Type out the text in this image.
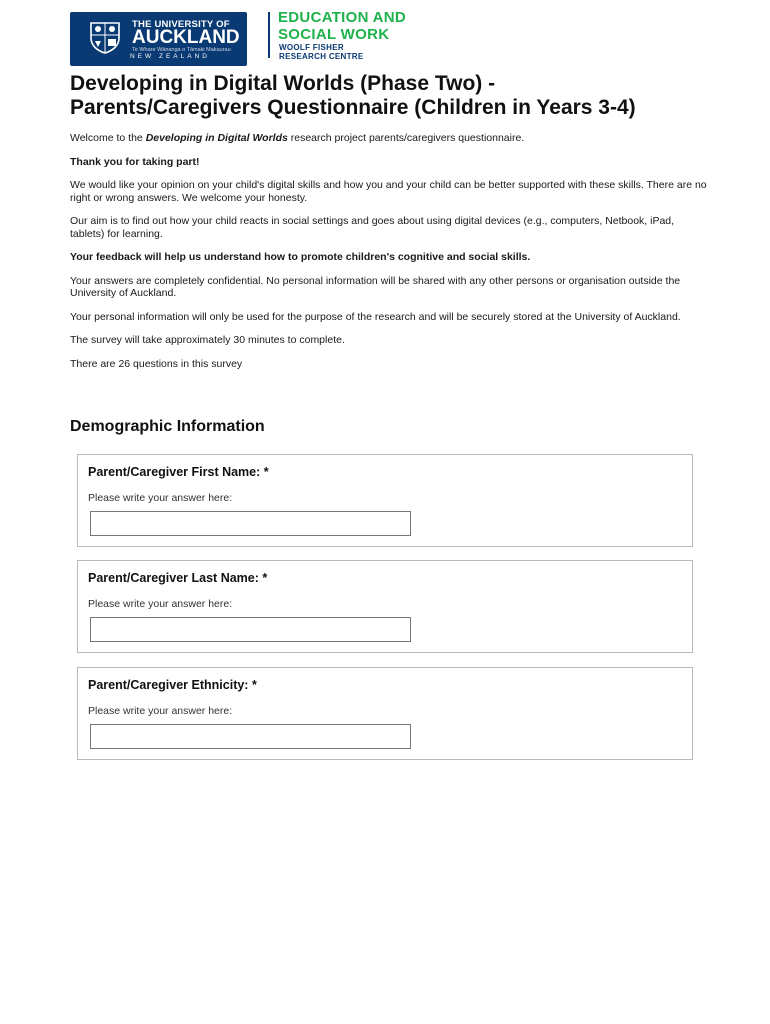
THE UNIVERSITY OF
AUCKLAND
Te Whare Wānanga o Tāmaki Makaurau
NEW ZEALAND
EDUCATION AND
SOCIAL WORK
WOOLF FISHER
RESEARCH CENTRE
Developing in Digital Worlds (Phase Two) -
Parents/Caregivers Questionnaire (Children in Years 3-4)

Welcome to the Developing in Digital Worlds research project parents/caregivers questionnaire.

Thank you for taking part!

We would like your opinion on your child's digital skills and how you and your child can be better supported with these skills. There are no right or wrong answers. We welcome your honesty.

Our aim is to find out how your child reacts in social settings and goes about using digital devices (e.g., computers, Netbook, iPad, tablets) for learning.

Your feedback will help us understand how to promote children's cognitive and social skills.

Your answers are completely confidential. No personal information will be shared with any other persons or organisation outside the University of Auckland.

Your personal information will only be used for the purpose of the research and will be securely stored at the University of Auckland.

The survey will take approximately 30 minutes to complete.

There are 26 questions in this survey

Demographic Information
Parent/Caregiver First Name: *
Please write your answer here:
Parent/Caregiver Last Name: *
Please write your answer here:
Parent/Caregiver Ethnicity: *
Please write your answer here:
